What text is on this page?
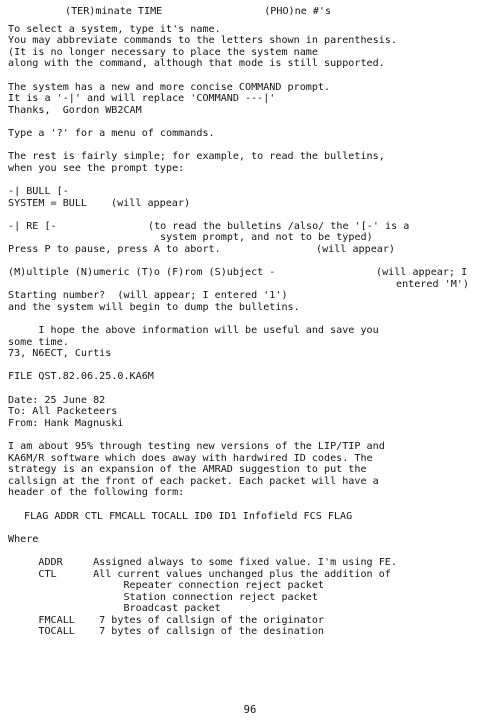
(TER)minate TIME	(PHO)ne #'s
To select a system, type it's name.
You may abbreviate commands to the letters shown in parenthesis.
(It is no longer necessary to place the system name
along with the command, although that mode is still supported.
The system has a new and more concise COMMAND prompt.
It is a '-|' and will replace 'COMMAND ---|'
Thanks,  Gordon WB2CAM
Type a '?' for a menu of commands.
The rest is fairly simple; for example, to read the bulletins,
when you see the prompt type:
-| BULL [-
SYSTEM = BULL (will appear)
-| RE [-	(to read the bulletins /also/ the '[-' is a
system prompt, and not to be typed)
Press P to pause, press A to abort.	(will appear)
(M)ultiple (N)umeric (T)o (F)rom (S)ubject -	(will appear; I
entered 'M')
Starting number?  (will appear; I entered '1')
and the system will begin to dump the bulletins.
I hope the above information will be useful and save you
some time.
73, N6ECT, Curtis
FILE QST.82.06.25.0.KA6M
Date: 25 June 82
To: All Packeteers
From: Hank Magnuski
I am about 95% through testing new versions of the LIP/TIP and
KA6M/R software which does away with hardwired ID codes. The
strategy is an expansion of the AMRAD suggestion to put the
callsign at the front of each packet. Each packet will have a
header of the following form:
FLAG ADDR CTL FMCALL TOCALL ID0 ID1 Infofield FCS FLAG
Where
ADDR     Assigned always to some fixed value. I'm using FE.
CTL      All current values unchanged plus the addition of
Repeater connection reject packet
Station connection reject packet
Broadcast packet
FMCALL    7 bytes of callsign of the originator
TOCALL    7 bytes of callsign of the desination
96
